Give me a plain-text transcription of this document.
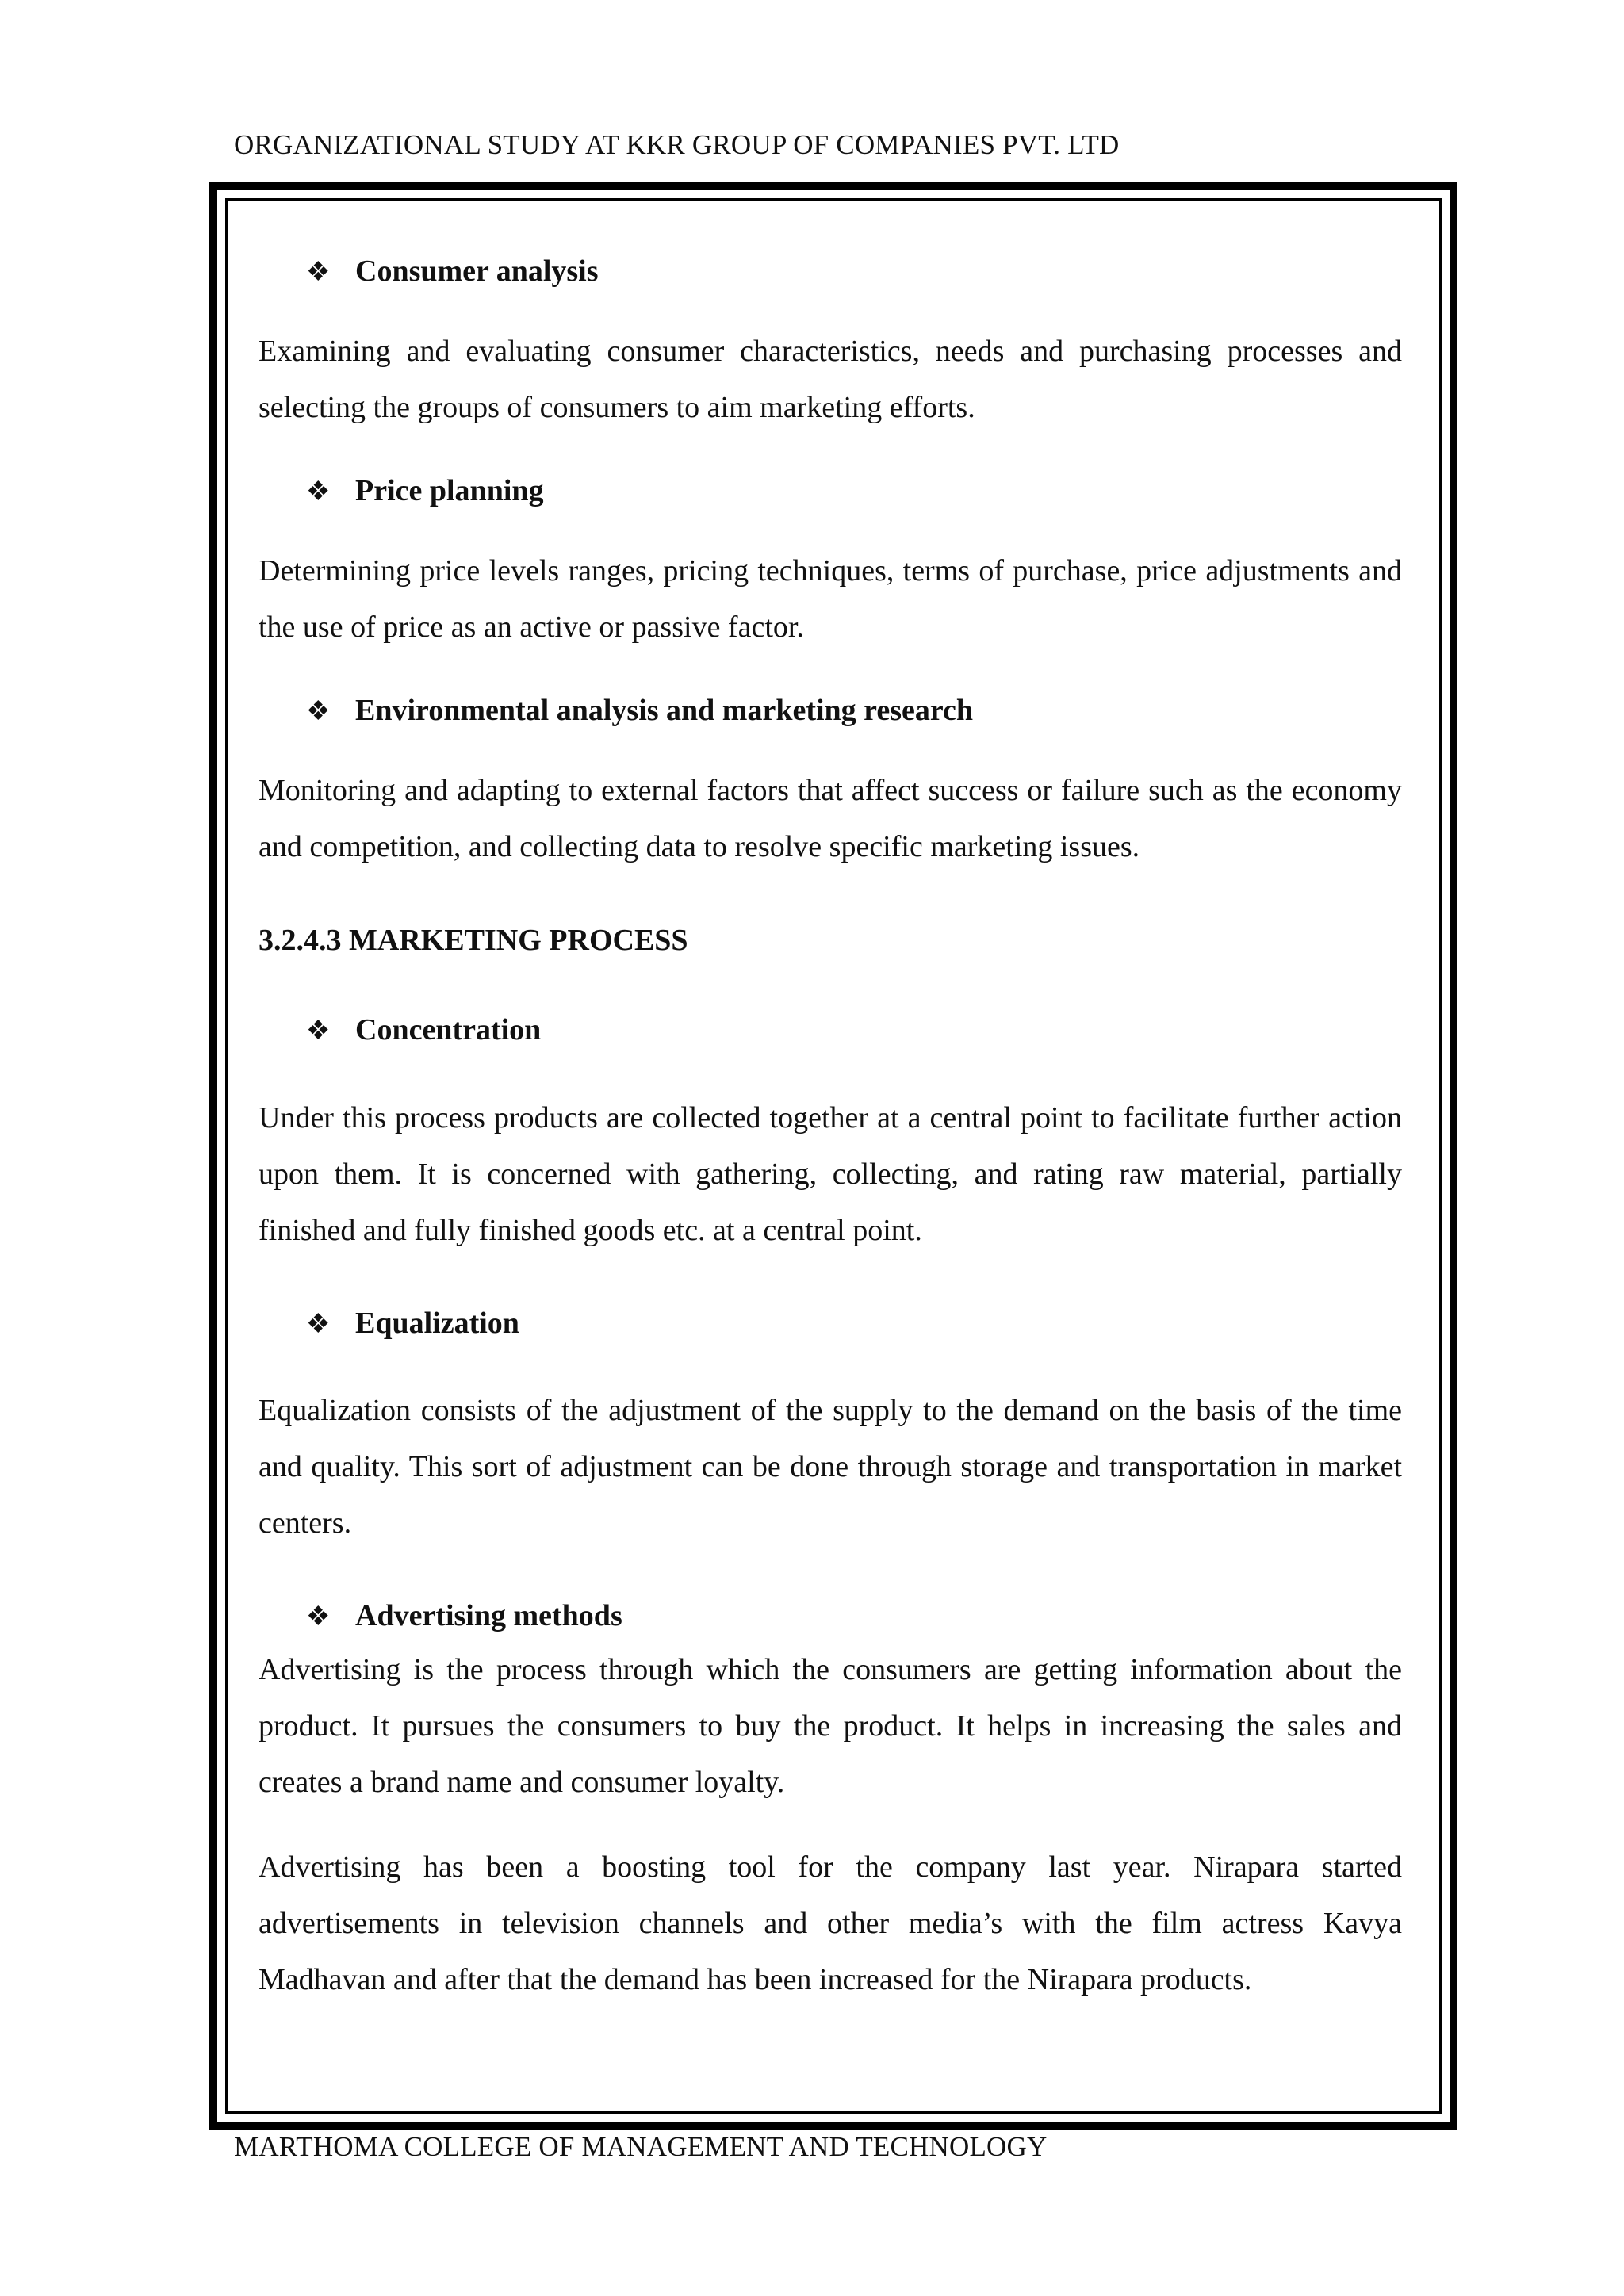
ORGANIZATIONAL STUDY AT KKR GROUP OF COMPANIES PVT. LTD
❖ Consumer analysis
Examining and evaluating consumer characteristics, needs and purchasing processes and selecting the groups of consumers to aim marketing efforts.
❖ Price planning
Determining price levels ranges, pricing techniques, terms of purchase, price adjustments and the use of price as an active or passive factor.
❖ Environmental analysis and marketing research
Monitoring and adapting to external factors that affect success or failure such as the economy and competition, and collecting data to resolve specific marketing issues.
3.2.4.3 MARKETING PROCESS
❖ Concentration
Under this process products are collected together at a central point to facilitate further action upon them. It is concerned with gathering, collecting, and rating raw material, partially finished and fully finished goods etc. at a central point.
❖ Equalization
Equalization consists of the adjustment of the supply to the demand on the basis of the time and quality. This sort of adjustment can be done through storage and transportation in market centers.
❖ Advertising methods
Advertising is the process through which the consumers are getting information about the product. It pursues the consumers to buy the product. It helps in increasing the sales and creates a brand name and consumer loyalty.
Advertising has been a boosting tool for the company last year. Nirapara started advertisements in television channels and other media’s with the film actress Kavya Madhavan and after that the demand has been increased for the Nirapara products.
MARTHOMA COLLEGE OF MANAGEMENT AND TECHNOLOGY
